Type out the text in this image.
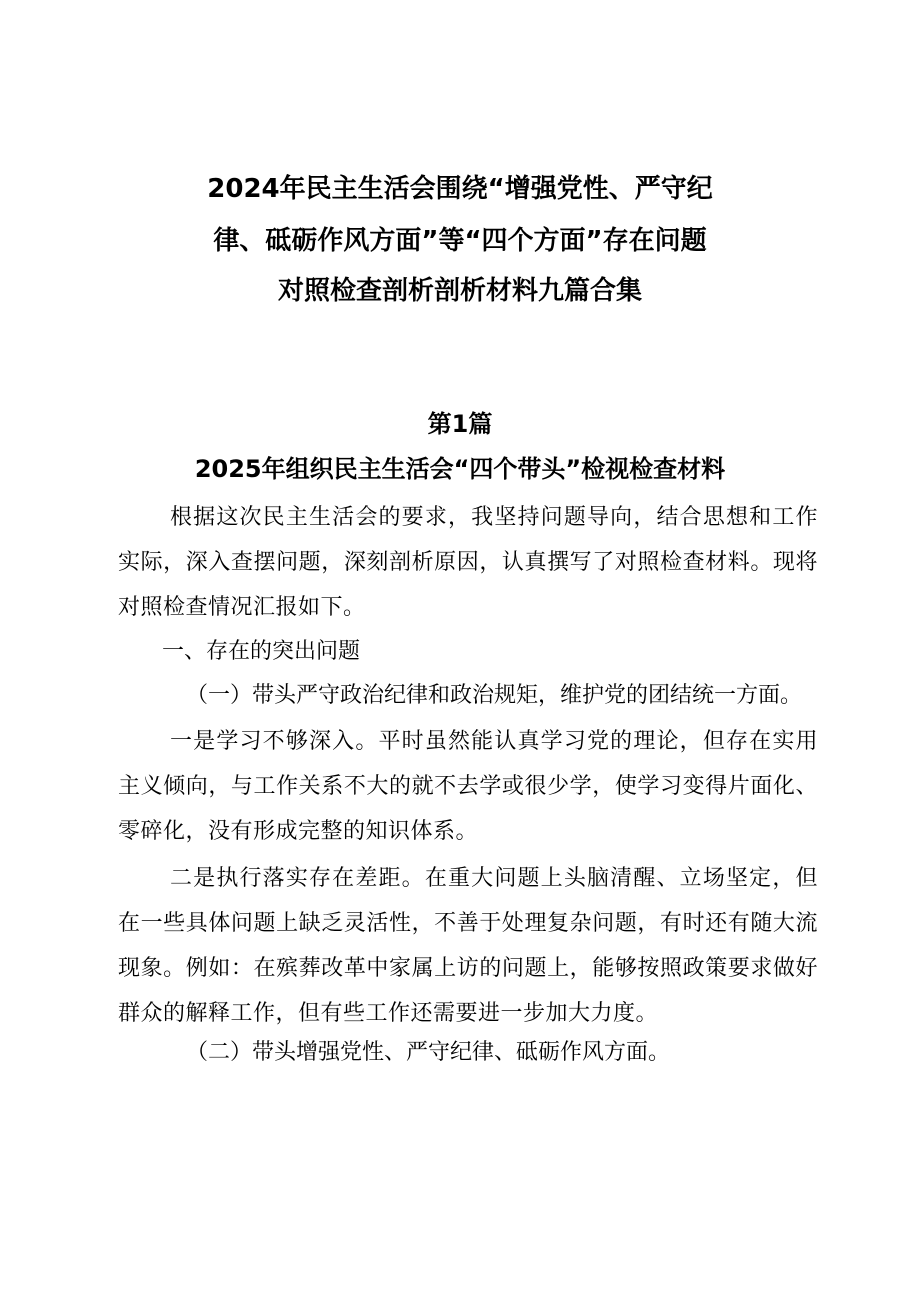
2024年民主生活会围绕“增强党性、严守纪
律、砥砺作风方面”等“四个方面”存在问题
对照检查剖析剖析材料九篇合集
第1篇
2025年组织民主生活会“四个带头”检视检查材料
根据这次民主生活会的要求，我坚持问题导向，结合思想和工作实际，深入查摆问题，深刻剖析原因，认真撰写了对照检查材料。现将对照检查情况汇报如下。
一、存在的突出问题
（一）带头严守政治纪律和政治规矩，维护党的团结统一方面。
一是学习不够深入。平时虽然能认真学习党的理论，但存在实用主义倾向，与工作关系不大的就不去学或很少学，使学习变得片面化、零碎化，没有形成完整的知识体系。
二是执行落实存在差距。在重大问题上头脑清醒、立场坚定，但在一些具体问题上缺乏灵活性，不善于处理复杂问题，有时还有随大流现象。例如：在殡葬改革中家属上访的问题上，能够按照政策要求做好群众的解释工作，但有些工作还需要进一步加大力度。
（二）带头增强党性、严守纪律、砥砺作风方面。
